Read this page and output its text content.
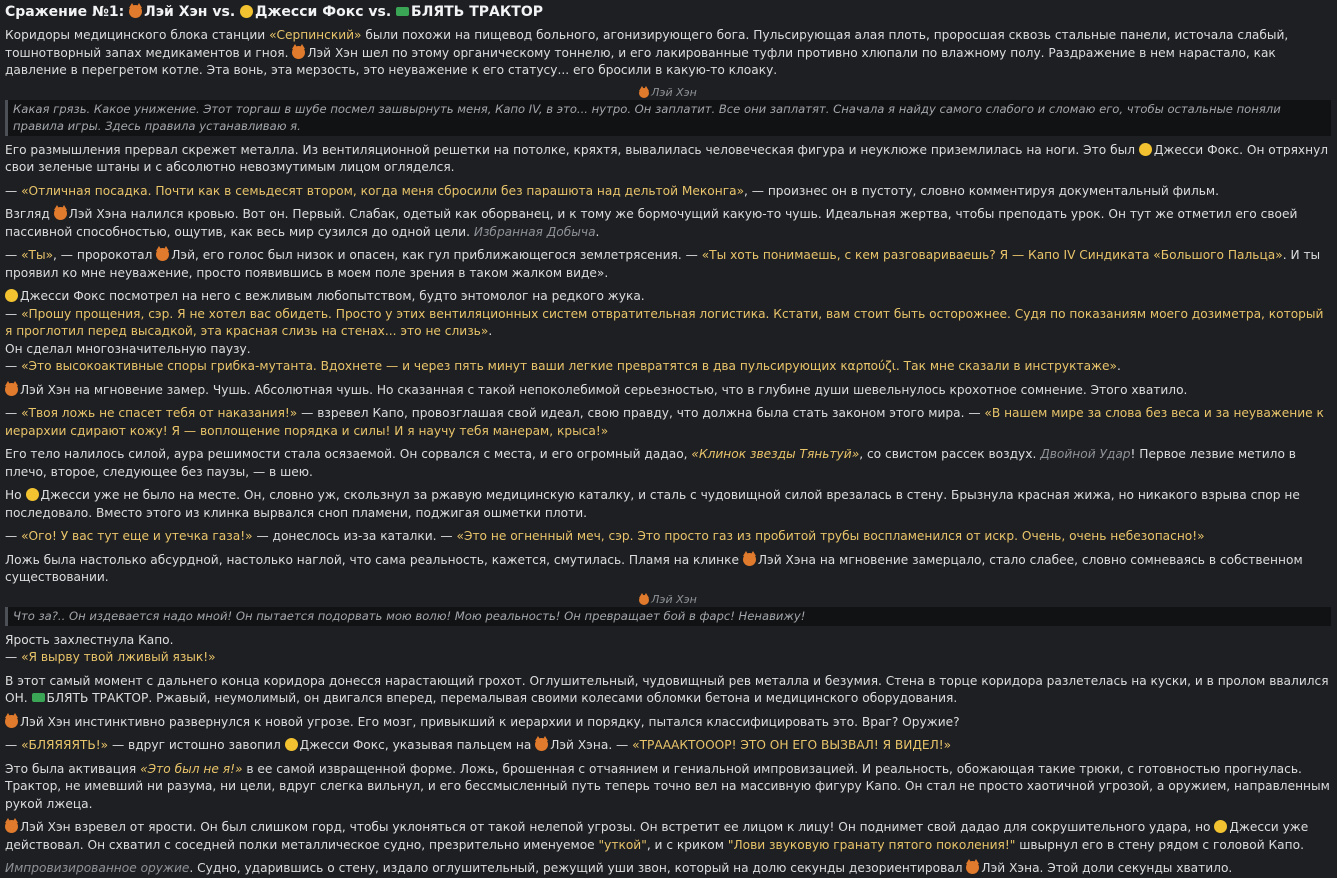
Сражение №1: Лэй Хэн vs. Джесси Фокс vs. БЛЯТЬ ТРАКТОР

Коридоры медицинского блока станции «Серпинский» были похожи на пищевод больного, агонизирующего бога. Пульсирующая алая плоть, проросшая сквозь стальные панели, источала слабый, тошнотворный запах медикаментов и гноя. Лэй Хэн шел по этому органическому тоннелю, и его лакированные туфли противно хлюпали по влажному полу. Раздражение в нем нарастало, как давление в перегретом котле. Эта вонь, эта мерзость, это неуважение к его статусу... его бросили в какую-то клоаку.

Лэй Хэн
Какая грязь. Какое унижение. Этот торгаш в шубе посмел зашвырнуть меня, Капо IV, в это... нутро. Он заплатит. Все они заплатят. Сначала я найду самого слабого и сломаю его, чтобы остальные поняли правила игры. Здесь правила устанавливаю я.

Его размышления прервал скрежет металла. Из вентиляционной решетки на потолке, кряхтя, вывалилась человеческая фигура и неуклюже приземлилась на ноги. Это был Джесси Фокс. Он отряхнул свои зеленые штаны и с абсолютно невозмутимым лицом огляделся.

— «Отличная посадка. Почти как в семьдесят втором, когда меня сбросили без парашюта над дельтой Меконга», — произнес он в пустоту, словно комментируя документальный фильм.

Взгляд Лэй Хэна налился кровью. Вот он. Первый. Слабак, одетый как оборванец, и к тому же бормочущий какую-то чушь. Идеальная жертва, чтобы преподать урок. Он тут же отметил его своей пассивной способностью, ощутив, как весь мир сузился до одной цели. Избранная Добыча.

— «Ты», — пророкотал Лэй, его голос был низок и опасен, как гул приближающегося землетрясения. — «Ты хоть понимаешь, с кем разговариваешь? Я — Капо IV Синдиката «Большого Пальца». И ты проявил ко мне неуважение, просто появившись в моем поле зрения в таком жалком виде».

Джесси Фокс посмотрел на него с вежливым любопытством, будто энтомолог на редкого жука.
— «Прошу прощения, сэр. Я не хотел вас обидеть. Просто у этих вентиляционных систем отвратительная логистика. Кстати, вам стоит быть осторожнее. Судя по показаниям моего дозиметра, который я проглотил перед высадкой, эта красная слизь на стенах... это не слизь».
Он сделал многозначительную паузу.
— «Это высокоактивные споры грибка-мутанта. Вдохнете — и через пять минут ваши легкие превратятся в два пульсирующих καρπούζι. Так мне сказали в инструктаже».

Лэй Хэн на мгновение замер. Чушь. Абсолютная чушь. Но сказанная с такой непоколебимой серьезностью, что в глубине души шевельнулось крохотное сомнение. Этого хватило.

— «Твоя ложь не спасет тебя от наказания!» — взревел Капо, провозглашая свой идеал, свою правду, что должна была стать законом этого мира. — «В нашем мире за слова без веса и за неуважение к иерархии сдирают кожу! Я — воплощение порядка и силы! И я научу тебя манерам, крыса!»

Его тело налилось силой, аура решимости стала осязаемой. Он сорвался с места, и его огромный дадао, «Клинок звезды Тяньтуй», со свистом рассек воздух. Двойной Удар! Первое лезвие метило в плечо, второе, следующее без паузы, — в шею.

Но Джесси уже не было на месте. Он, словно уж, скользнул за ржавую медицинскую каталку, и сталь с чудовищной силой врезалась в стену. Брызнула красная жижа, но никакого взрыва спор не последовало. Вместо этого из клинка вырвался сноп пламени, поджигая ошметки плоти.

— «Ого! У вас тут еще и утечка газа!» — донеслось из-за каталки. — «Это не огненный меч, сэр. Это просто газ из пробитой трубы воспламенился от искр. Очень, очень небезопасно!»

Ложь была настолько абсурдной, настолько наглой, что сама реальность, кажется, смутилась. Пламя на клинке Лэй Хэна на мгновение замерцало, стало слабее, словно сомневаясь в собственном существовании.

Лэй Хэн
Что за?.. Он издевается надо мной! Он пытается подорвать мою волю! Мою реальность! Он превращает бой в фарс! Ненавижу!

Ярость захлестнула Капо.
— «Я вырву твой лживый язык!»

В этот самый момент с дальнего конца коридора донесся нарастающий грохот. Оглушительный, чудовищный рев металла и безумия. Стена в торце коридора разлетелась на куски, и в пролом ввалился ОН. БЛЯТЬ ТРАКТОР. Ржавый, неумолимый, он двигался вперед, перемалывая своими колесами обломки бетона и медицинского оборудования.

Лэй Хэн инстинктивно развернулся к новой угрозе. Его мозг, привыкший к иерархии и порядку, пытался классифицировать это. Враг? Оружие?

— «БЛЯЯЯЯТЬ!» — вдруг истошно завопил Джесси Фокс, указывая пальцем на Лэй Хэна. — «ТРАААКТОООР! ЭТО ОН ЕГО ВЫЗВАЛ! Я ВИДЕЛ!»

Это была активация «Это был не я!» в ее самой извращенной форме. Ложь, брошенная с отчаянием и гениальной импровизацией. И реальность, обожающая такие трюки, с готовностью прогнулась. Трактор, не имевший ни разума, ни цели, вдруг слегка вильнул, и его бессмысленный путь теперь точно вел на массивную фигуру Капо. Он стал не просто хаотичной угрозой, а оружием, направленным рукой лжеца.

Лэй Хэн взревел от ярости. Он был слишком горд, чтобы уклоняться от такой нелепой угрозы. Он встретит ее лицом к лицу! Он поднимет свой дадао для сокрушительного удара, но Джесси уже действовал. Он схватил с соседней полки металлическое судно, презрительно именуемое "уткой", и с криком "Лови звуковую гранату пятого поколения!" швырнул его в стену рядом с головой Капо.

Импровизированное оружие. Судно, ударившись о стену, издало оглушительный, режущий уши звон, который на долю секунды дезориентировал Лэй Хэна. Этой доли секунды хватило.
